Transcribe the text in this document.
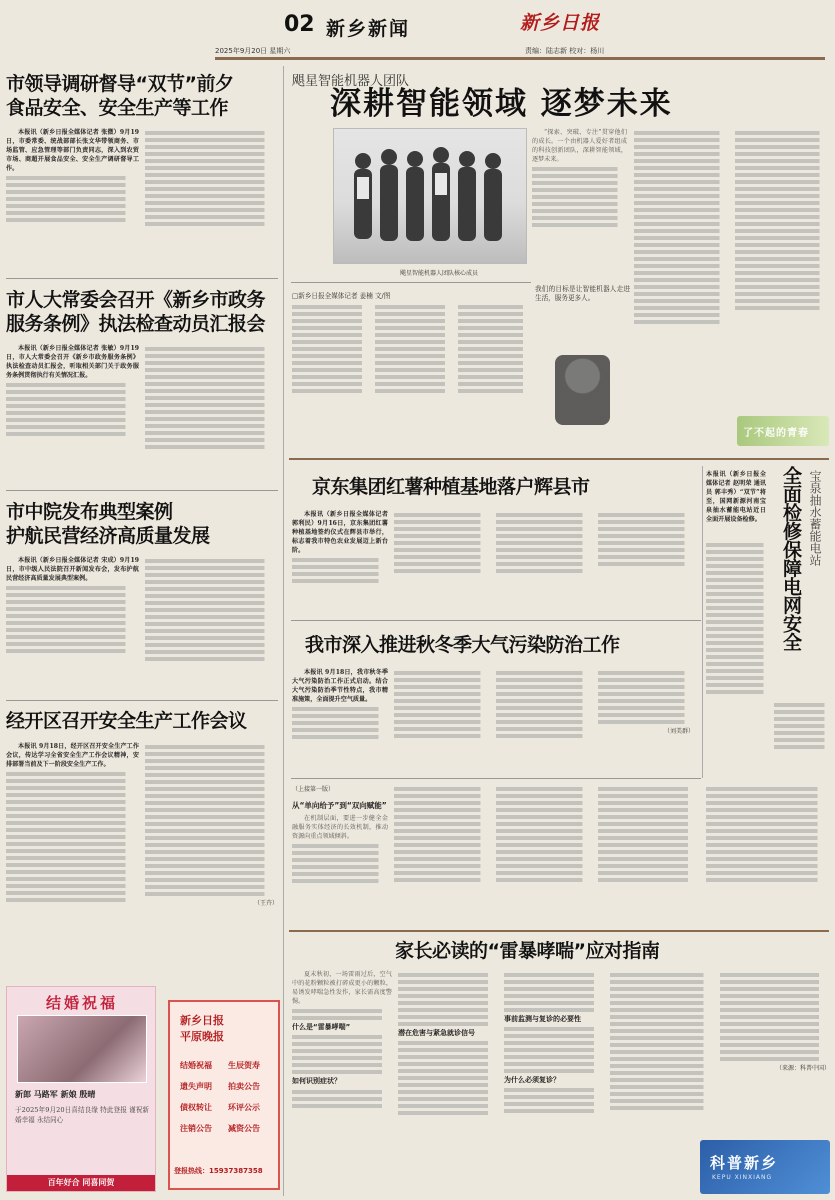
02 新乡新闻	新乡日报
2025年9月20日 星期六	责编：陆志新 校对：杨川
市领导调研督导“双节”前夕
食品安全、安全生产等工作

本报讯（新乡日报全媒体记者 张微）9月19日，市委常委、统战部部长张文华带领商务、市场监管、应急管理等部门负责同志，深入到农贸市场、商超开展食品安全、安全生产调研督导工作。

市人大常委会召开《新乡市政务
服务条例》执法检查动员汇报会

本报讯（新乡日报全媒体记者 张敏）9月19日，市人大常委会召开《新乡市政务服务条例》执法检查动员汇报会，听取相关部门关于政务服务条例贯彻执行有关情况汇报。

市中院发布典型案例
护航民营经济高质量发展

本报讯（新乡日报全媒体记者 宋成）9月19日，市中级人民法院召开新闻发布会，发布护航民营经济高质量发展典型案例。

经开区召开安全生产工作会议

本报讯 9月18日，经开区召开安全生产工作会议，传达学习全省安全生产工作会议精神，安排部署当前及下一阶段安全生产工作。

（王卉）
结婚祝福
新郎 马路军 新娘 殷晴
于2025年9月20日喜结良缘 特此登报 谨祝新婚幸福 永结同心
百年好合 同喜同贺
新乡日报
平原晚报
结婚祝福	生辰贺寿
遗失声明	拍卖公告
债权转让	环评公示
注销公告	减资公告
登报热线：15937387358
飓星智能机器人团队
深耕智能领域 逐梦未来

“探索、突破、专注”贯穿他们的成长。一个由机器人爱好者组成的科技创新团队，深耕智能领域，逐梦未来。

飓星智能机器人团队核心成员
□新乡日报全媒体记者 姜楠 文/图
我们的目标是让智能机器人走进生活，服务更多人。
了不起的青春
京东集团红薯种植基地落户辉县市

本报讯（新乡日报全媒体记者 郭利民）9月16日，京东集团红薯种植基地签约仪式在辉县市举行，标志着我市特色农业发展迈上新台阶。

我市深入推进秋冬季大气污染防治工作

本报讯 9月18日，我市秋冬季大气污染防治工作正式启动。结合大气污染防治季节性特点，我市精准施策，全面提升空气质量。

（刘美群）

本报讯（新乡日报全媒体记者 赵明荣 通讯员 郭丰秀）“双节”将至，国网新源河南宝泉抽水蓄能电站近日全面开展设备检修。	全面检修保障电网安全 宝泉抽水蓄能电站
（上接第一版）
从“单向给予”到“双向赋能”

在机制层面，要进一步健全金融服务实体经济的长效机制，推动资源向重点领域倾斜。

家长必读的“雷暴哮喘”应对指南

夏末秋初，一场雷雨过后，空气中的花粉颗粒被打碎成更小的颗粒，易诱发哮喘急性发作，家长需高度警惕。

什么是“雷暴哮喘”
如何识别症状？
潜在危害与紧急就诊信号
事前监测与复诊的必要性
为什么必须复诊？
（来源：科普中国）
科普新乡
KEPU XINXIANG
